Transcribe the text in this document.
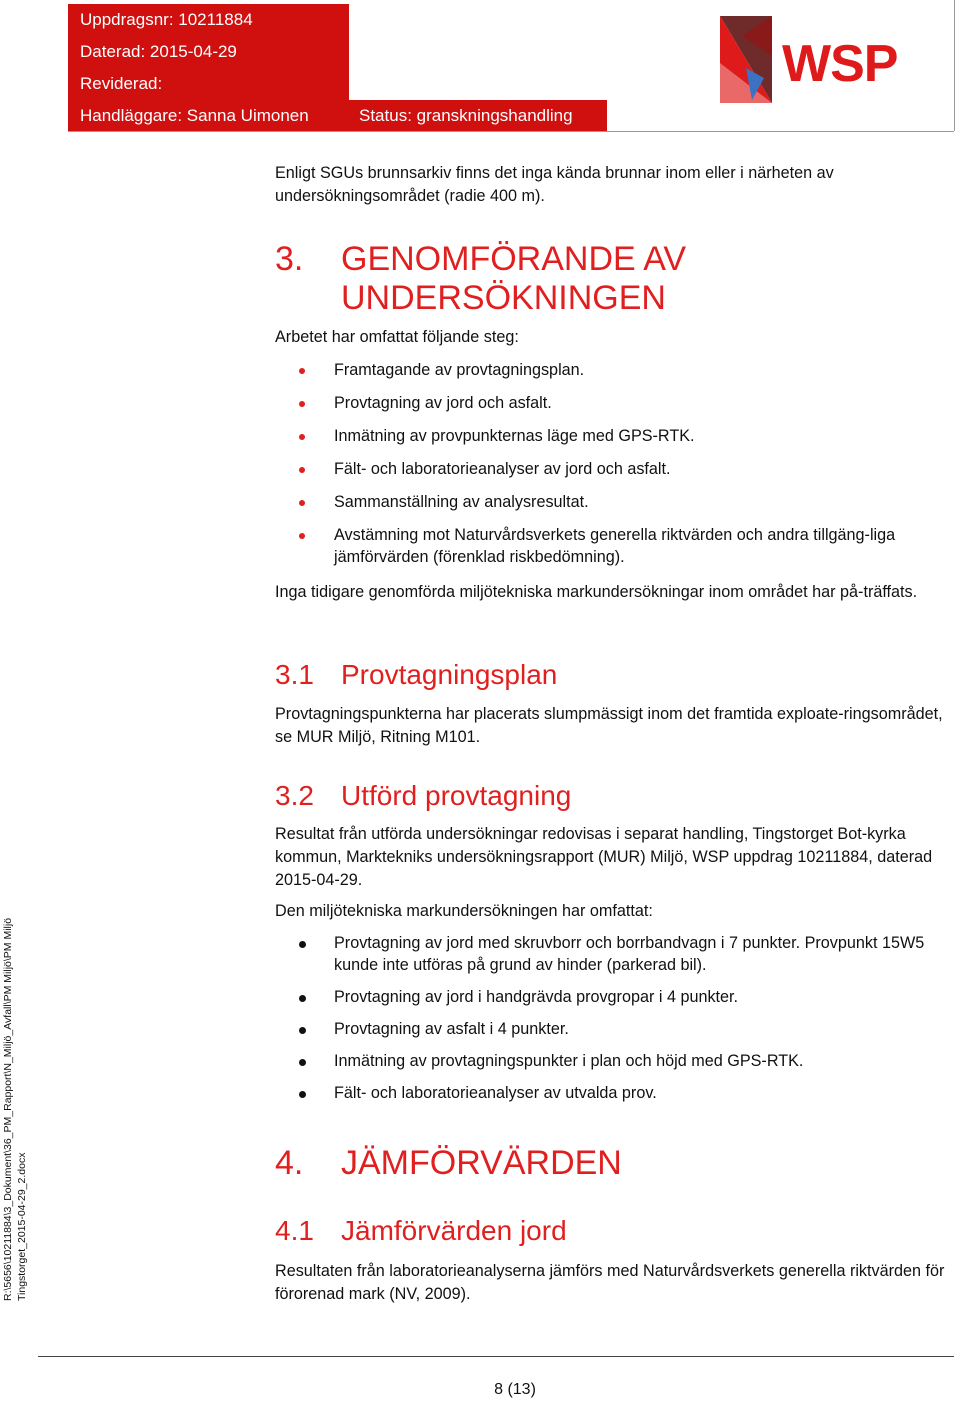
Uppdragsnr: 10211884
Daterad: 2015-04-29
Reviderad:
Handläggare: Sanna Uimonen	Status: granskningshandling
WSP
Enligt SGUs brunnsarkiv finns det inga kända brunnar inom eller i närheten av undersökningsområdet (radie 400 m).
3. GENOMFÖRANDE AV
UNDERSÖKNINGEN
Arbetet har omfattat följande steg:
Framtagande av provtagningsplan.
Provtagning av jord och asfalt.
Inmätning av provpunkternas läge med GPS-RTK.
Fält- och laboratorieanalyser av jord och asfalt.
Sammanställning av analysresultat.
Avstämning mot Naturvårdsverkets generella riktvärden och andra tillgäng-liga jämförvärden (förenklad riskbedömning).
Inga tidigare genomförda miljötekniska markundersökningar inom området har på-träffats.
3.1 Provtagningsplan
Provtagningspunkterna har placerats slumpmässigt inom det framtida exploate-ringsområdet, se MUR Miljö, Ritning M101.
3.2 Utförd provtagning
Resultat från utförda undersökningar redovisas i separat handling, Tingstorget Bot-kyrka kommun, Marktekniks undersökningsrapport (MUR) Miljö, WSP uppdrag 10211884, daterad 2015-04-29.
Den miljötekniska markundersökningen har omfattat:
Provtagning av jord med skruvborr och borrbandvagn i 7 punkter. Provpunkt 15W5 kunde inte utföras på grund av hinder (parkerad bil).
Provtagning av jord i handgrävda provgropar i 4 punkter.
Provtagning av asfalt i 4 punkter.
Inmätning av provtagningspunkter i plan och höjd med GPS-RTK.
Fält- och laboratorieanalyser av utvalda prov.
4. JÄMFÖRVÄRDEN
4.1 Jämförvärden jord
Resultaten från laboratorieanalyserna jämförs med Naturvårdsverkets generella riktvärden för förorenad mark (NV, 2009).
R:\5656\10211884\3_Dokument\36_PM_Rapport\N_Miljö_Avfall\PM Miljö\PM Miljö Tingstorget_2015-04-29_2.docx
8 (13)
